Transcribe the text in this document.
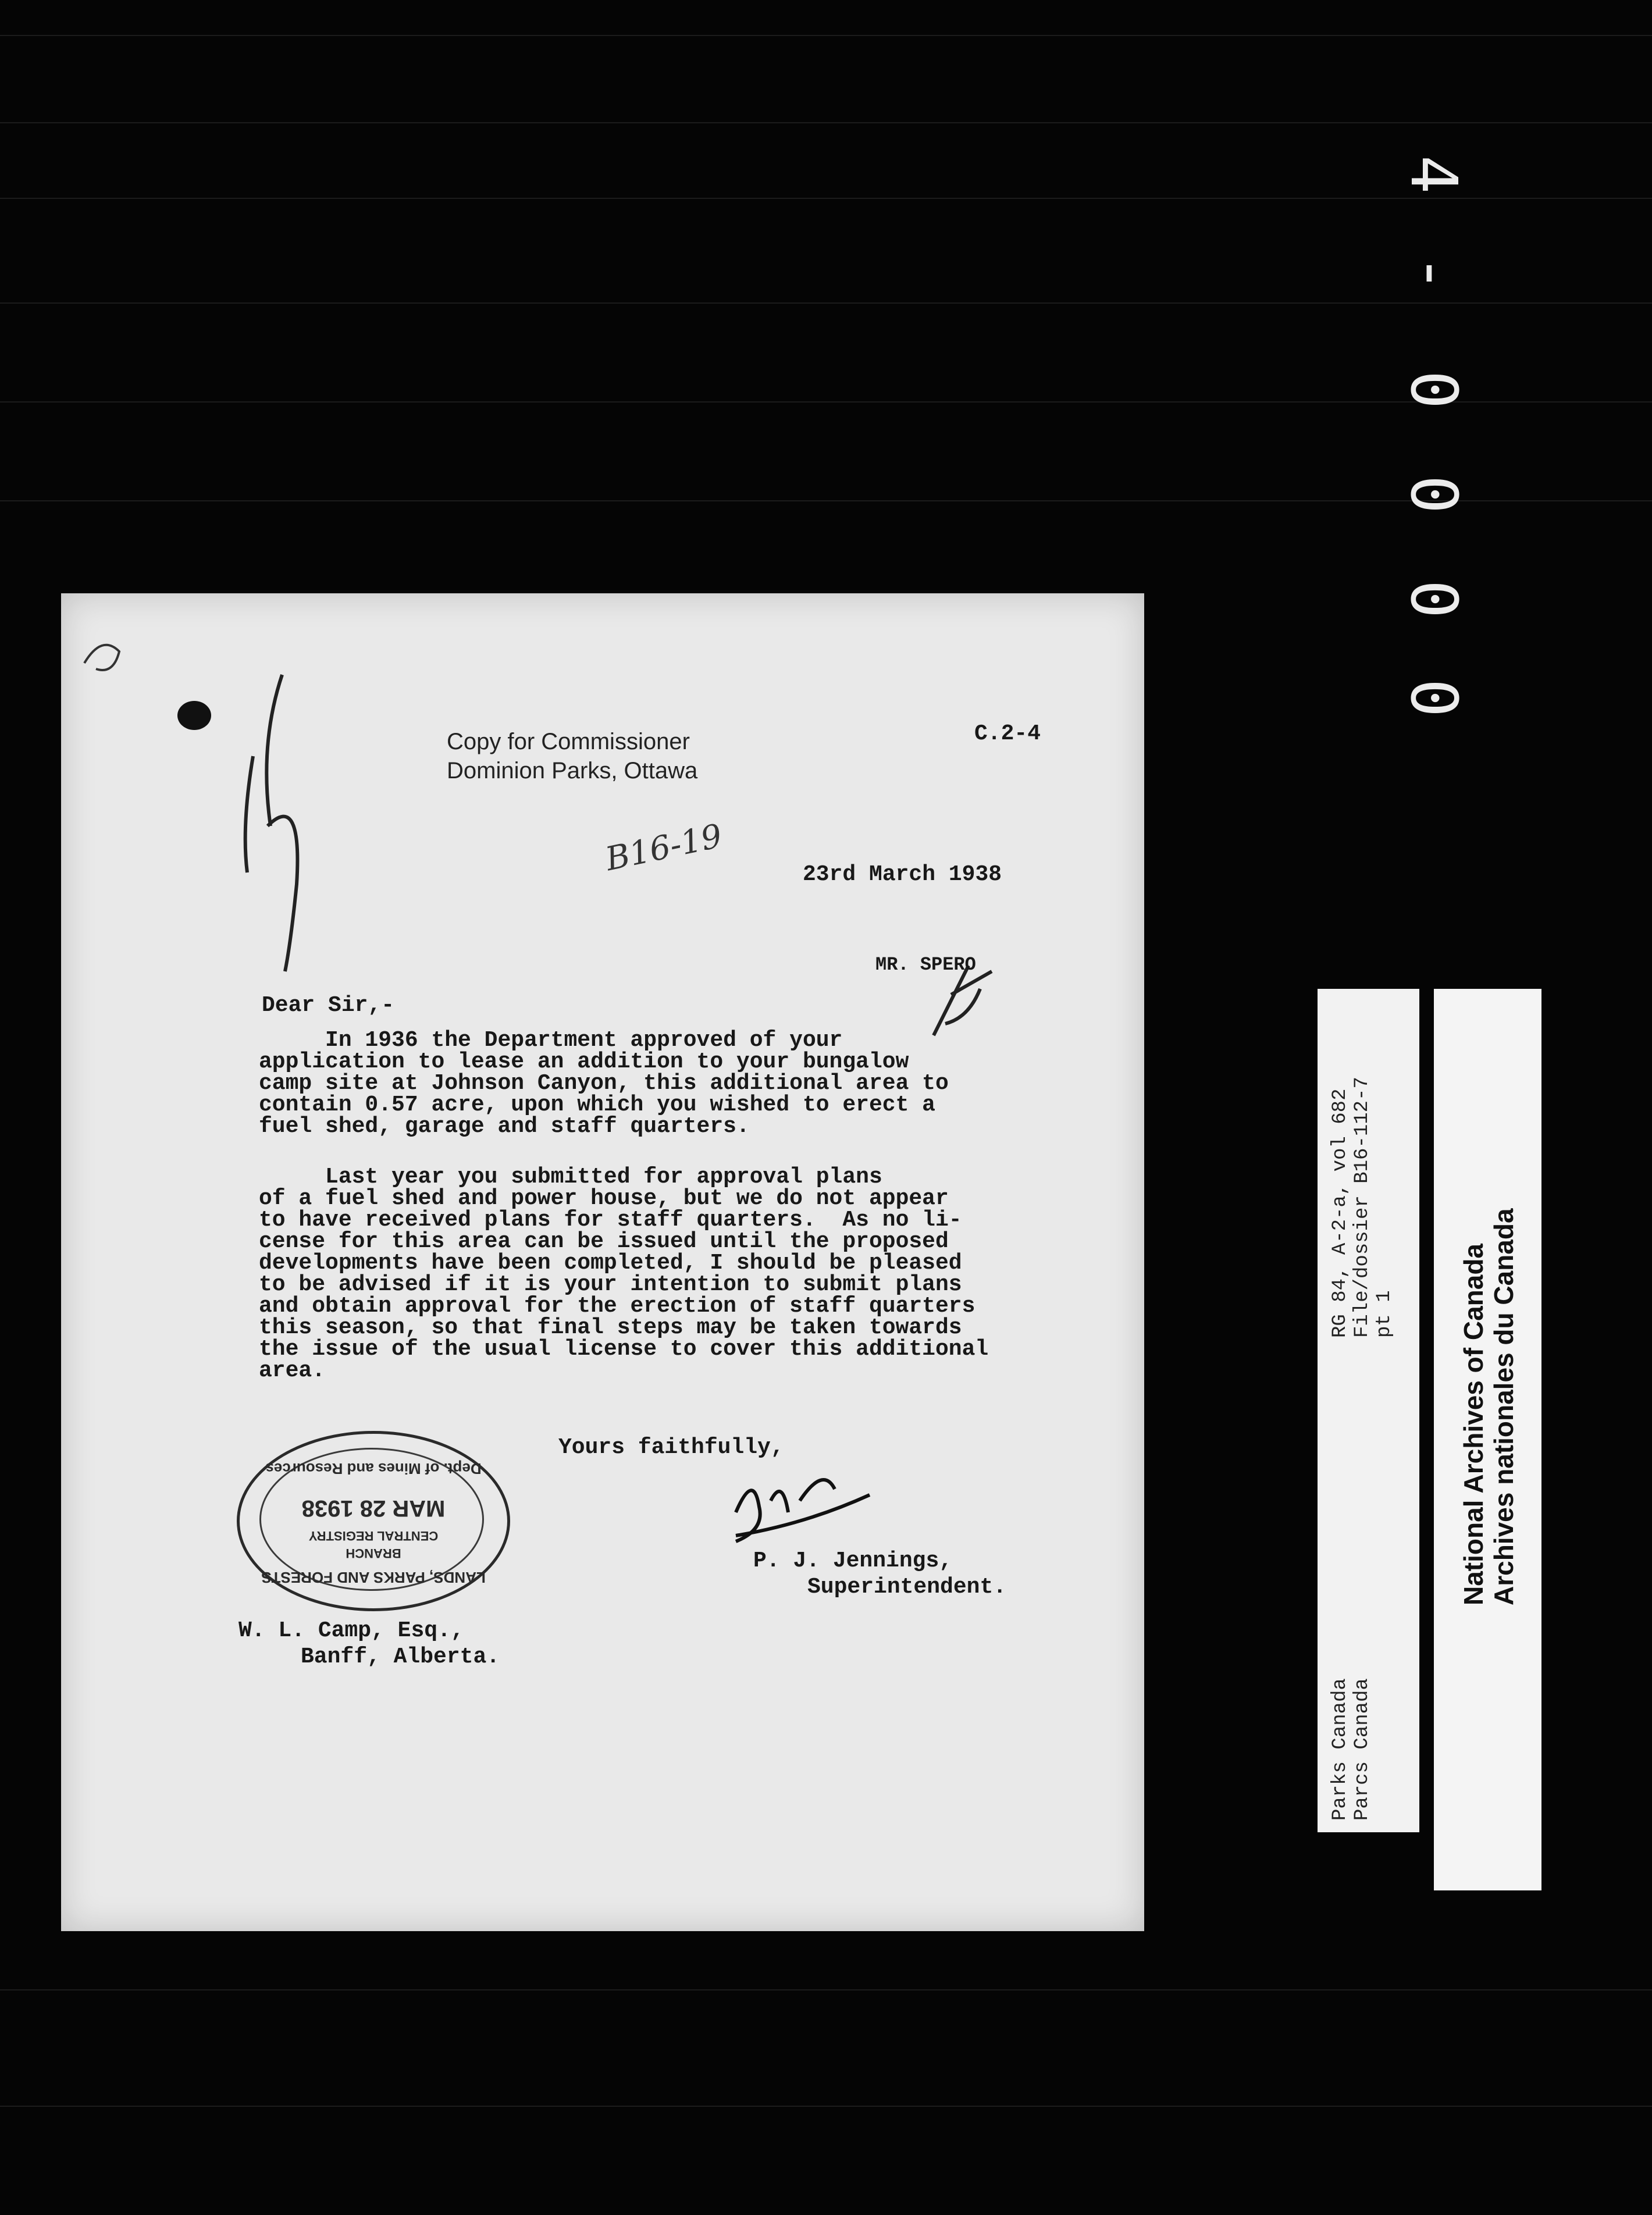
4
-
0
0
0
0
Copy for Commissioner
Dominion Parks, Ottawa
C.2-4
B16-19	23rd March 1938
MR. SPERO
Dear Sir,-
In 1936 the Department approved of your
application to lease an addition to your bungalow
camp site at Johnson Canyon, this additional area to
contain 0.57 acre, upon which you wished to erect a
fuel shed, garage and staff quarters.
Last year you submitted for approval plans
of a fuel shed and power house, but we do not appear
to have received plans for staff quarters.  As no li-
cense for this area can be issued until the proposed
developments have been completed, I should be pleased
to be advised if it is your intention to submit plans
and obtain approval for the erection of staff quarters
this season, so that final steps may be taken towards
the issue of the usual license to cover this additional
area.
Yours faithfully,
P. J. Jennings,
Superintendent.
W. L. Camp, Esq.,
Banff, Alberta.
LANDS, PARKS AND FORESTS
BRANCH
CENTRAL REGISTRY
MAR 28 1938
Dept. of Mines and Resources
RG 84, A-2-a, vol 682 File/dossier B16-112-7 pt 1
Parks Canada Parcs Canada
National Archives of Canada Archives nationales du Canada
